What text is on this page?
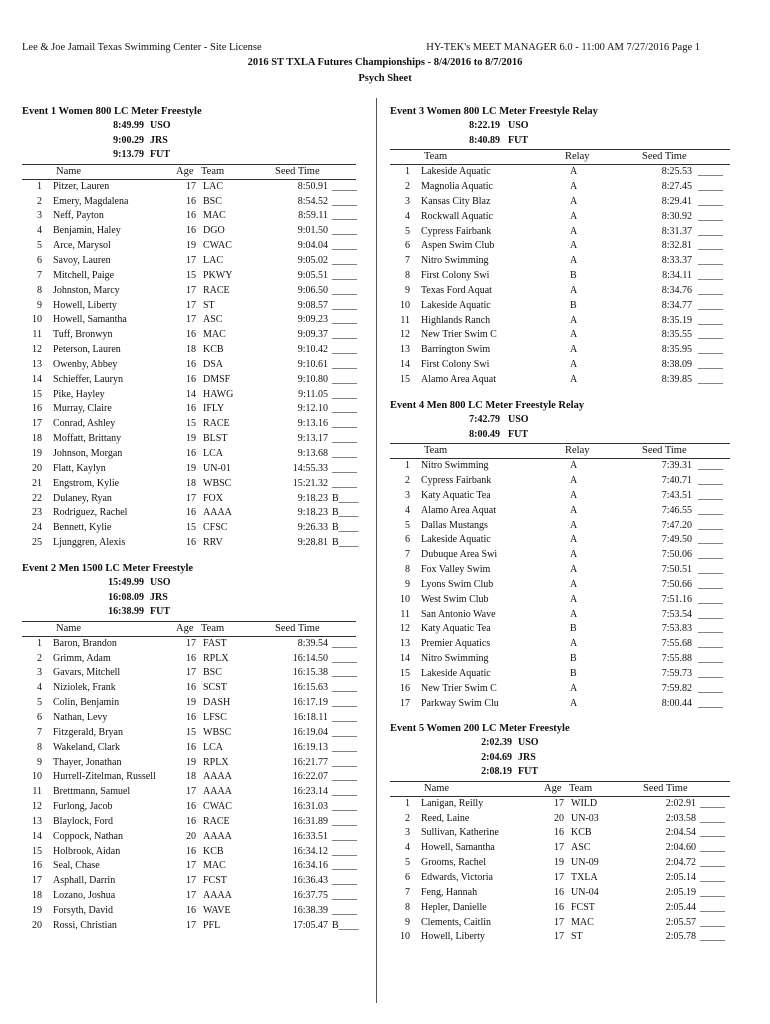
Lee & Joe Jamail Texas Swimming Center - Site License	HY-TEK's MEET MANAGER 6.0 - 11:00 AM 7/27/2016 Page 1
2016 ST TXLA Futures Championships - 8/4/2016 to 8/7/2016
Psych Sheet
Event 1 Women 800 LC Meter Freestyle
8:49.99 USO
9:00.29 JRS
9:13.79 FUT
Name	Age Team	Seed Time
1 Pitzer, Lauren	17 LAC	8:50.91 _____
2 Emery, Magdalena	16 BSC	8:54.52 _____
3 Neff, Payton	16 MAC	8:59.11 _____
4 Benjamin, Haley	16 DGO	9:01.50 _____
5 Arce, Marysol	19 CWAC	9:04.04 _____
6 Savoy, Lauren	17 LAC	9:05.02 _____
7 Mitchell, Paige	15 PKWY	9:05.51 _____
8 Johnston, Marcy	17 RACE	9:06.50 _____
9 Howell, Liberty	17 ST	9:08.57 _____
10 Howell, Samantha	17 ASC	9:09.23 _____
11 Tuff, Bronwyn	16 MAC	9:09.37 _____
12 Peterson, Lauren	18 KCB	9:10.42 _____
13 Owenby, Abbey	16 DSA	9:10.61 _____
14 Schieffer, Lauryn	16 DMSF	9:10.80 _____
15 Pike, Hayley	14 HAWG	9:11.05 _____
16 Murray, Claire	16 IFLY	9:12.10 _____
17 Conrad, Ashley	15 RACE	9:13.16 _____
18 Moffatt, Brittany	19 BLST	9:13.17 _____
19 Johnson, Morgan	16 LCA	9:13.68 _____
20 Flatt, Kaylyn	19 UN-01	14:55.33 _____
21 Engstrom, Kylie	18 WBSC	15:21.32 _____
22 Dulaney, Ryan	17 FOX	9:18.23 B____
23 Rodriguez, Rachel	16 AAAA	9:18.23 B____
24 Bennett, Kylie	15 CFSC	9:26.33 B____
25 Ljunggren, Alexis	16 RRV	9:28.81 B____
Event 2 Men 1500 LC Meter Freestyle
15:49.99 USO
16:08.09 JRS
16:38.99 FUT
Name	Age Team	Seed Time
1 Baron, Brandon	17 FAST	8:39.54 _____
2 Grimm, Adam	16 RPLX	16:14.50 _____
3 Gavars, Mitchell	17 BSC	16:15.38 _____
4 Niziolek, Frank	16 SCST	16:15.63 _____
5 Colin, Benjamin	19 DASH	16:17.19 _____
6 Nathan, Levy	16 LFSC	16:18.11 _____
7 Fitzgerald, Bryan	15 WBSC	16:19.04 _____
8 Wakeland, Clark	16 LCA	16:19.13 _____
9 Thayer, Jonathan	19 RPLX	16:21.77 _____
10 Hurrell-Zitelman, Russell	18 AAAA	16:22.07 _____
11 Brettmann, Samuel	17 AAAA	16:23.14 _____
12 Furlong, Jacob	16 CWAC	16:31.03 _____
13 Blaylock, Ford	16 RACE	16:31.89 _____
14 Coppock, Nathan	20 AAAA	16:33.51 _____
15 Holbrook, Aidan	16 KCB	16:34.12 _____
16 Seal, Chase	17 MAC	16:34.16 _____
17 Asphall, Darrin	17 FCST	16:36.43 _____
18 Lozano, Joshua	17 AAAA	16:37.75 _____
19 Forsyth, David	16 WAVE	16:38.39 _____
20 Rossi, Christian	17 PFL	17:05.47 B____
Event 3 Women 800 LC Meter Freestyle Relay
8:22.19 USO
8:40.89 FUT
Team	Relay	Seed Time
1 Lakeside Aquatic	A	8:25.53 _____
2 Magnolia Aquatic	A	8:27.45 _____
3 Kansas City Blaz	A	8:29.41 _____
4 Rockwall Aquatic	A	8:30.92 _____
5 Cypress Fairbank	A	8:31.37 _____
6 Aspen Swim Club	A	8:32.81 _____
7 Nitro Swimming	A	8:33.37 _____
8 First Colony Swi	B	8:34.11 _____
9 Texas Ford Aquat	A	8:34.76 _____
10 Lakeside Aquatic	B	8:34.77 _____
11 Highlands Ranch	A	8:35.19 _____
12 New Trier Swim C	A	8:35.55 _____
13 Barrington Swim	A	8:35.95 _____
14 First Colony Swi	A	8:38.09 _____
15 Alamo Area Aquat	A	8:39.85 _____
Event 4 Men 800 LC Meter Freestyle Relay
7:42.79 USO
8:00.49 FUT
Team	Relay	Seed Time
1 Nitro Swimming	A	7:39.31 _____
2 Cypress Fairbank	A	7:40.71 _____
3 Katy Aquatic Tea	A	7:43.51 _____
4 Alamo Area Aquat	A	7:46.55 _____
5 Dallas Mustangs	A	7:47.20 _____
6 Lakeside Aquatic	A	7:49.50 _____
7 Dubuque Area Swi	A	7:50.06 _____
8 Fox Valley Swim	A	7:50.51 _____
9 Lyons Swim Club	A	7:50.66 _____
10 West Swim Club	A	7:51.16 _____
11 San Antonio Wave	A	7:53.54 _____
12 Katy Aquatic Tea	B	7:53.83 _____
13 Premier Aquatics	A	7:55.68 _____
14 Nitro Swimming	B	7:55.88 _____
15 Lakeside Aquatic	B	7:59.73 _____
16 New Trier Swim C	A	7:59.82 _____
17 Parkway Swim Clu	A	8:00.44 _____
Event 5 Women 200 LC Meter Freestyle
2:02.39 USO
2:04.69 JRS
2:08.19 FUT
Name	Age Team	Seed Time
1 Lanigan, Reilly	17 WILD	2:02.91 _____
2 Reed, Laine	20 UN-03	2:03.58 _____
3 Sullivan, Katherine	16 KCB	2:04.54 _____
4 Howell, Samantha	17 ASC	2:04.60 _____
5 Grooms, Rachel	19 UN-09	2:04.72 _____
6 Edwards, Victoria	17 TXLA	2:05.14 _____
7 Feng, Hannah	16 UN-04	2:05.19 _____
8 Hepler, Danielle	16 FCST	2:05.44 _____
9 Clements, Caitlin	17 MAC	2:05.57 _____
10 Howell, Liberty	17 ST	2:05.78 _____
